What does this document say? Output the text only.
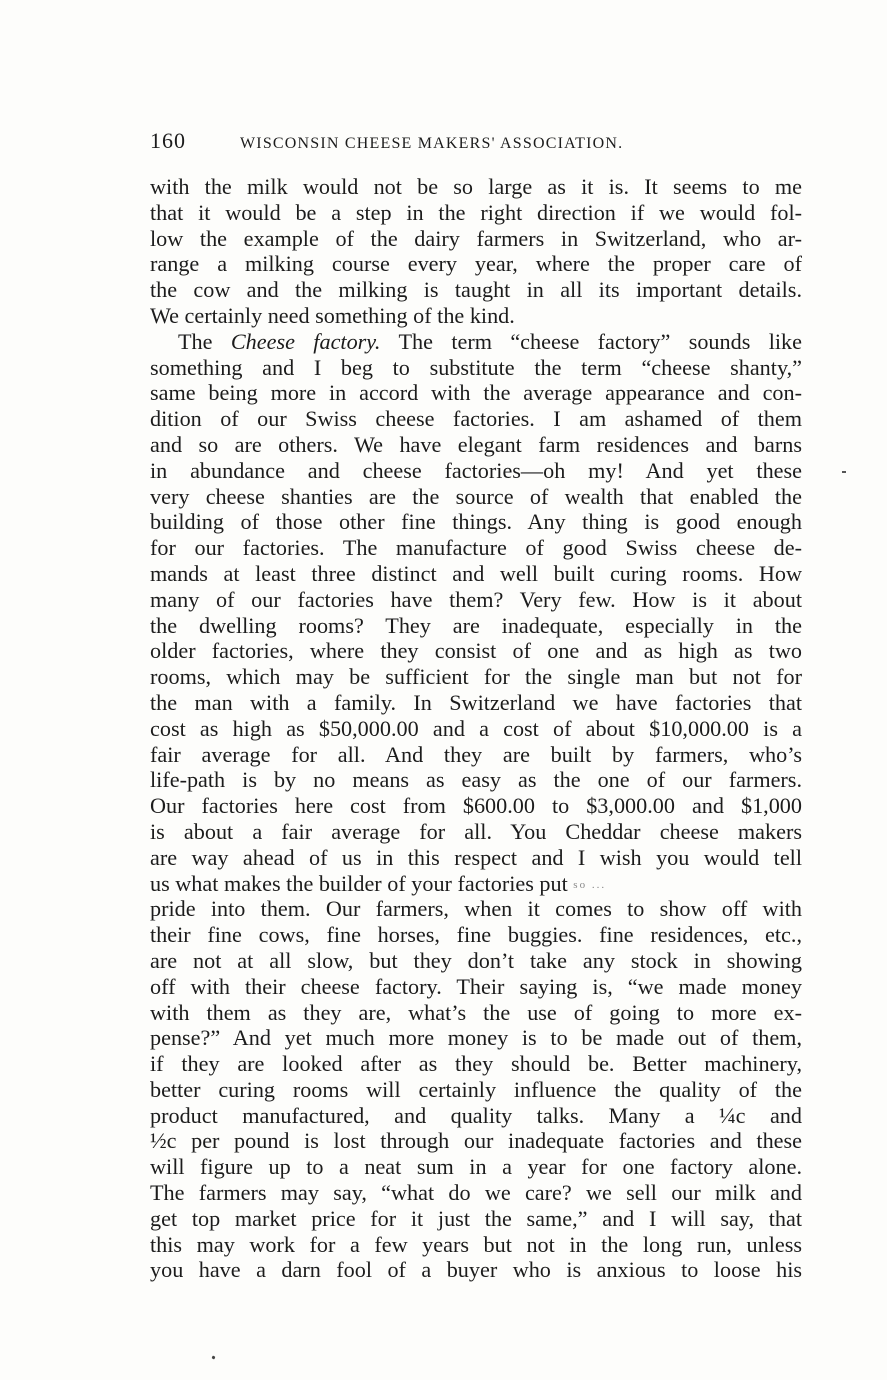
160	WISCONSIN CHEESE MAKERS' ASSOCIATION.
with the milk would not be so large as it is. It seems to me
that it would be a step in the right direction if we would fol-
low the example of the dairy farmers in Switzerland, who ar-
range a milking course every year, where the proper care of
the cow and the milking is taught in all its important details.
We certainly need something of the kind.
The Cheese factory. The term “cheese factory” sounds like
something and I beg to substitute the term “cheese shanty,”
same being more in accord with the average appearance and con-
dition of our Swiss cheese factories. I am ashamed of them
and so are others. We have elegant farm residences and barns
in abundance and cheese factories—oh my! And yet these
very cheese shanties are the source of wealth that enabled the
building of those other fine things. Any thing is good enough
for our factories. The manufacture of good Swiss cheese de-
mands at least three distinct and well built curing rooms. How
many of our factories have them? Very few. How is it about
the dwelling rooms? They are inadequate, especially in the
older factories, where they consist of one and as high as two
rooms, which may be sufficient for the single man but not for
the man with a family. In Switzerland we have factories that
cost as high as $50,000.00 and a cost of about $10,000.00 is a
fair average for all. And they are built by farmers, who’s
life-path is by no means as easy as the one of our farmers.
Our factories here cost from $600.00 to $3,000.00 and $1,000
is about a fair average for all. You Cheddar cheese makers
are way ahead of us in this respect and I wish you would tell
us what makes the builder of your factories put so ...
pride into them. Our farmers, when it comes to show off with
their fine cows, fine horses, fine buggies. fine residences, etc.,
are not at all slow, but they don’t take any stock in showing
off with their cheese factory. Their saying is, “we made money
with them as they are, what’s the use of going to more ex-
pense?” And yet much more money is to be made out of them,
if they are looked after as they should be. Better machinery,
better curing rooms will certainly influence the quality of the
product manufactured, and quality talks. Many a ¼c and
½c per pound is lost through our inadequate factories and these
will figure up to a neat sum in a year for one factory alone.
The farmers may say, “what do we care? we sell our milk and
get top market price for it just the same,” and I will say, that
this may work for a few years but not in the long run, unless
you have a darn fool of a buyer who is anxious to loose his
